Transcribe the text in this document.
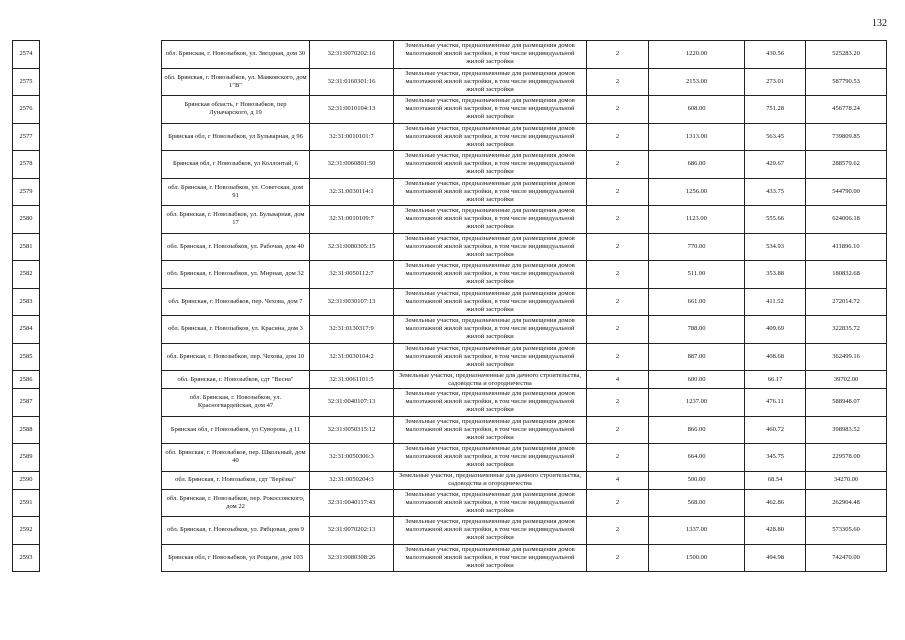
132
2574		обл. Брянская, г. Новозыбков, ул. Звездная, дом 30	32:31:0070202:16	Земельные участки, предназначенные для размещения домов малоэтажной жилой застройки, в том числе индивидуальной жилой застройки	2	1220.00	430.56	525283.20
2575		обл. Брянская, г. Новозыбков, ул. Маяковского, дом 1"В"	32:31:0160301:16	Земельные участки, предназначенные для размещения домов малоэтажной жилой застройки, в том числе индивидуальной жилой застройки	2	2153.00	273.01	587790.53
2576		Брянская область, г Новозыбков, пер Луначарского, д 19	32:31:0010104:13	Земельные участки, предназначенные для размещения домов малоэтажной жилой застройки, в том числе индивидуальной жилой застройки	2	608.00	751.28	456778.24
2577		Брянская обл, г Новозыбков, ул Бульварная, д 96	32:31:0010101:7	Земельные участки, предназначенные для размещения домов малоэтажной жилой застройки, в том числе индивидуальной жилой застройки	2	1313.00	563.45	739809.85
2578		Брянская обл, г Новозыбков, ул Коллонтай, 6	32:31:0060801:50	Земельные участки, предназначенные для размещения домов малоэтажной жилой застройки, в том числе индивидуальной жилой застройки	2	686.00	420.67	288579.62
2579		обл. Брянская, г. Новозыбков, ул. Советская, дом 91	32:31:0030114:1	Земельные участки, предназначенные для размещения домов малоэтажной жилой застройки, в том числе индивидуальной жилой застройки	2	1256.00	433.75	544790.00
2580		обл. Брянская, г. Новозыбков, ул. Бульварная, дом 17	32:31:0010109:7	Земельные участки, предназначенные для размещения домов малоэтажной жилой застройки, в том числе индивидуальной жилой застройки	2	1123.00	555.66	624006.18
2581		обл. Брянская, г. Новозыбков, ул. Рабочая, дом 40	32:31:0080305:15	Земельные участки, предназначенные для размещения домов малоэтажной жилой застройки, в том числе индивидуальной жилой застройки	2	770.00	534.93	411896.10
2582		обл. Брянская, г. Новозыбков, ул. Мирная, дом 32	32:31:0050112:7	Земельные участки, предназначенные для размещения домов малоэтажной жилой застройки, в том числе индивидуальной жилой застройки	2	511.00	353.88	180832.68
2583		обл. Брянская, г. Новозыбков, пер. Чехова, дом 7	32:31:0030107:13	Земельные участки, предназначенные для размещения домов малоэтажной жилой застройки, в том числе индивидуальной жилой застройки	2	661.00	411.52	272014.72
2584		обл. Брянская, г. Новозыбков, ул. Красина, дом 3	32:31:0130317:9	Земельные участки, предназначенные для размещения домов малоэтажной жилой застройки, в том числе индивидуальной жилой застройки	2	788.00	409.69	322835.72
2585		обл. Брянская, г. Новозыбков, пер. Чехова, дом 10	32:31:0030104:2	Земельные участки, предназначенные для размещения домов малоэтажной жилой застройки, в том числе индивидуальной жилой застройки	2	887.00	408.68	362499.16
2586		обл. Брянская, г. Новозыбков, сдт "Весна"	32:31:0061101:5	Земельные участки, предназначенные для дачного строительства, садоводства и огородничества	4	600.00	66.17	39702.00
2587		обл. Брянская, г. Новозыбков, ул. Красногвардейская, дом 47	32:31:0040107:13	Земельные участки, предназначенные для размещения домов малоэтажной жилой застройки, в том числе индивидуальной жилой застройки	2	1237.00	476.11	588948.07
2588		Брянская обл, г Новозыбков, ул Суворова, д 11	32:31:0050315:12	Земельные участки, предназначенные для размещения домов малоэтажной жилой застройки, в том числе индивидуальной жилой застройки	2	866.00	460.72	398983.52
2589		обл. Брянская, г. Новозыбков, пер. Школьный, дом 40	32:31:0050306:3	Земельные участки, предназначенные для размещения домов малоэтажной жилой застройки, в том числе индивидуальной жилой застройки	2	664.00	345.75	229578.00
2590		обл. Брянская, г. Новозыбков, сдт "Берёзка"	32:31:0050204:3	Земельные участки, предназначенные для дачного строительства, садоводства и огородничества	4	500.00	68.54	34270.00
2591		обл. Брянская, г. Новозыбков, пер. Рокоссовского, дом 22	32:31:0040117:43	Земельные участки, предназначенные для размещения домов малоэтажной жилой застройки, в том числе индивидуальной жилой застройки	2	568.00	462.86	262904.48
2592		обл. Брянская, г. Новозыбков, ул. Рябцовая, дом 9	32:31:0070202:13	Земельные участки, предназначенные для размещения домов малоэтажной жилой застройки, в том числе индивидуальной жилой застройки	2	1337.00	428.80	573305.60
2593		Брянская обл, г Новозыбков, ул Рощаги, дом 103	32:31:0080308:26	Земельные участки, предназначенные для размещения домов малоэтажной жилой застройки, в том числе индивидуальной жилой застройки	2	1500.00	494.98	742470.00
